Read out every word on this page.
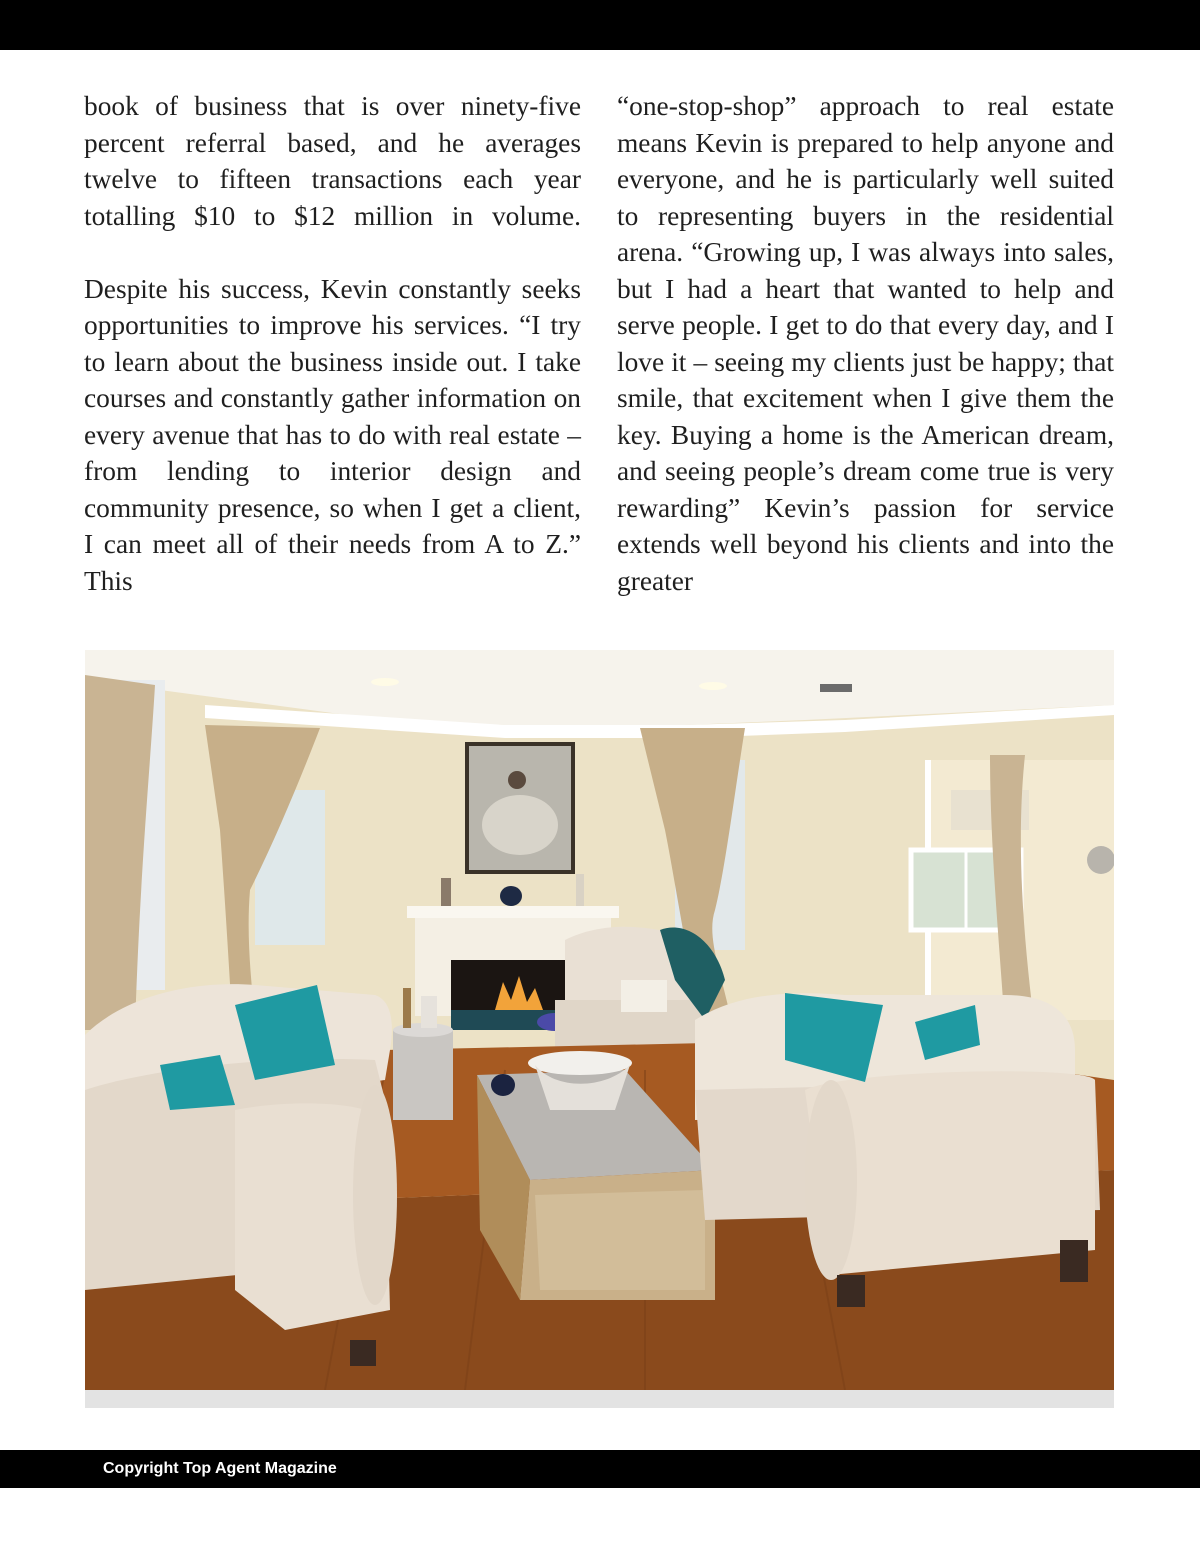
book of business that is over ninety-five percent referral based, and he averages twelve to fifteen transactions each year totalling $10 to $12 million in volume.

Despite his success, Kevin constantly seeks opportunities to improve his services. “I try to learn about the business inside out. I take courses and constantly gather information on every avenue that has to do with real estate – from lending to interior design and community presence, so when I get a client, I can meet all of their needs from A to Z.” This

“one-stop-shop” approach to real estate means Kevin is prepared to help anyone and everyone, and he is particularly well suited to representing buyers in the residential arena. “Growing up, I was always into sales, but I had a heart that wanted to help and serve people. I get to do that every day, and I love it – seeing my clients just be happy; that smile, that excitement when I give them the key. Buying a home is the American dream, and seeing people’s dream come true is very rewarding” Kevin’s passion for service extends well beyond his clients and into the greater

Copyright Top Agent Magazine
